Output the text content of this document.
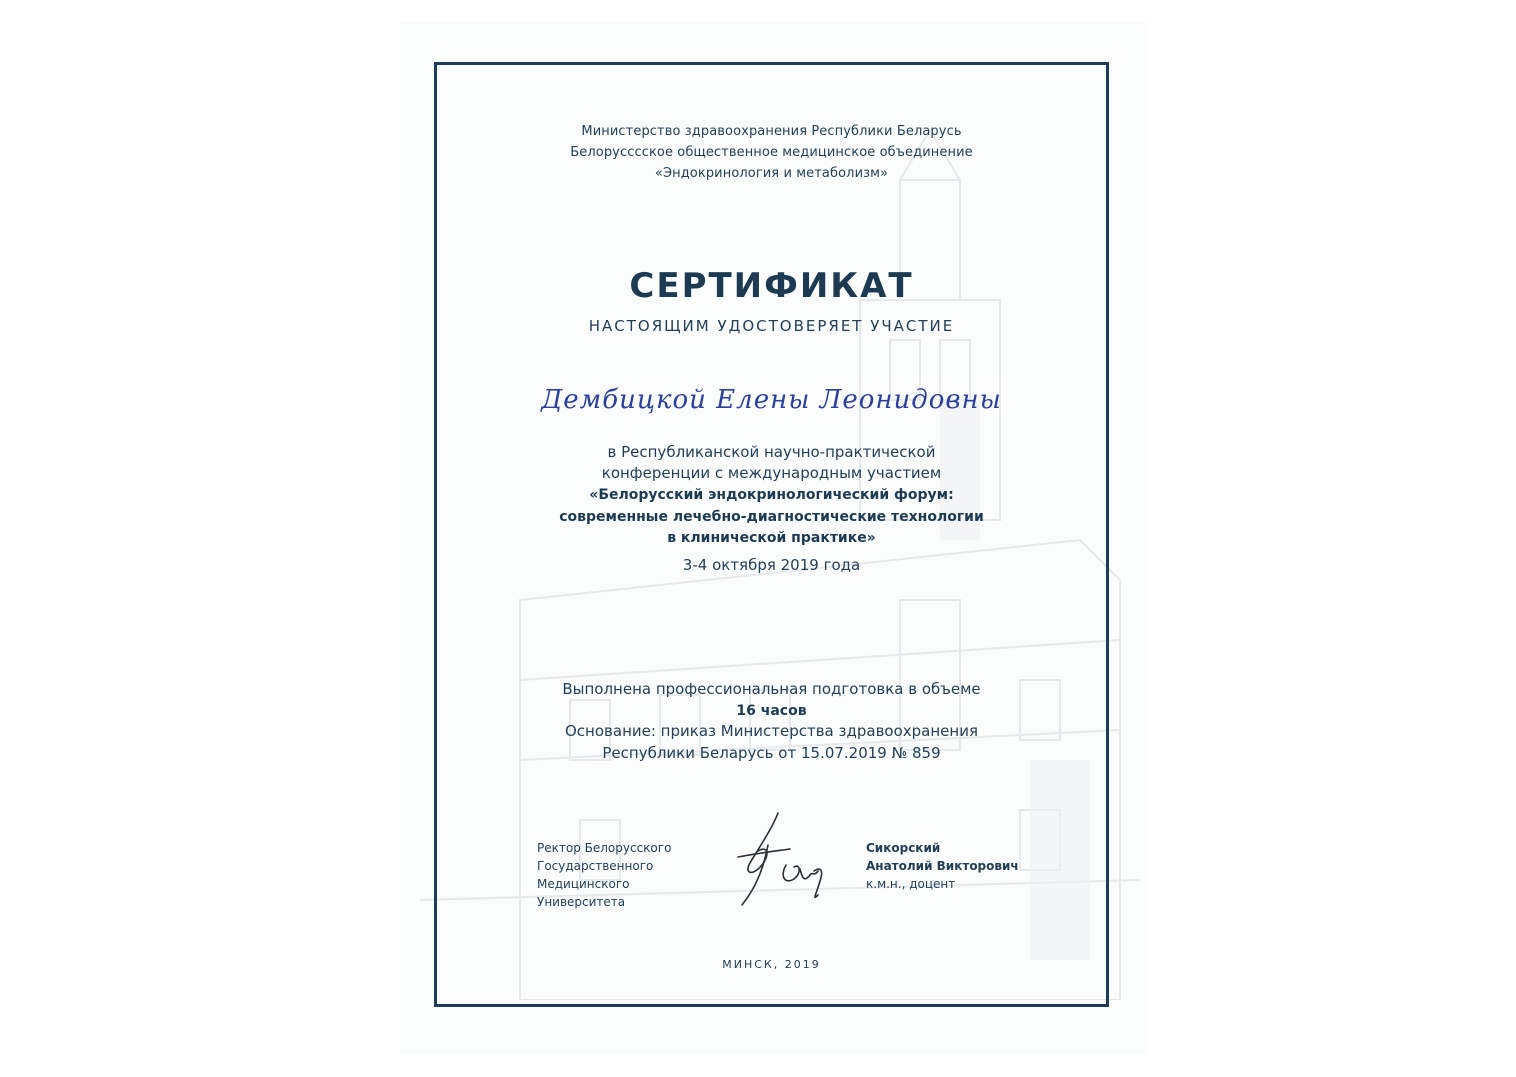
Министерство здравоохранения Республики Беларусь
Белорусссское общественное медицинское объединение
«Эндокринология и метаболизм»
СЕРТИФИКАТ
НАСТОЯЩИМ УДОСТОВЕРЯЕТ УЧАСТИЕ
Дембицкой Елены Леонидовны
в Республиканской научно-практической
конференции с международным участием
«Белорусский эндокринологический форум:
современные лечебно-диагностические технологии
в клинической практике»
3-4 октября 2019 года
Выполнена профессиональная подготовка в объеме
16 часов
Основание: приказ Министерства здравоохранения
Республики Беларусь от 15.07.2019 № 859
Ректор Белорусского
Государственного
Медицинского
Университета
Сикорский
Анатолий Викторович
к.м.н., доцент
МИНСК, 2019
